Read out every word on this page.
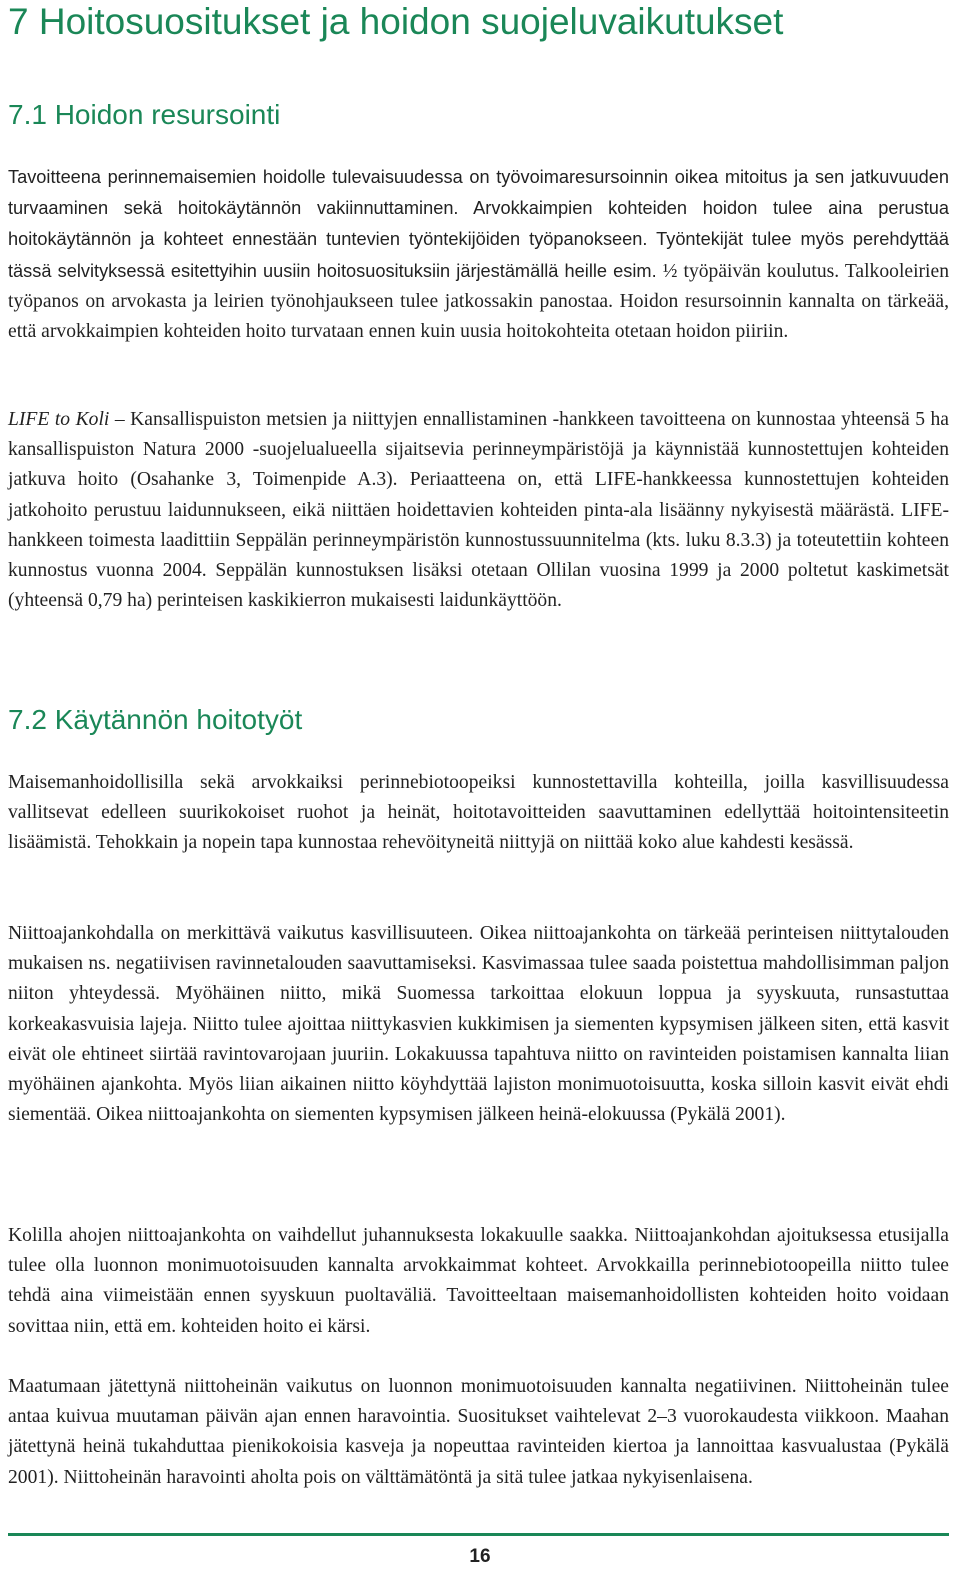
7 Hoitosuositukset ja hoidon suojeluvaikutukset
7.1 Hoidon resursointi

Tavoitteena perinnemaisemien hoidolle tulevaisuudessa on työvoimaresursoinnin oikea mitoitus ja sen jatkuvuuden turvaaminen sekä hoitokäytännön vakiinnuttaminen. Arvokkaimpien kohteiden hoidon tulee aina perustua hoitokäytännön ja kohteet ennestään tuntevien työntekijöiden työpanokseen. Työntekijät tulee myös perehdyttää tässä selvityksessä esitettyihin uusiin hoitosuosituksiin järjestämällä heille esim. ½ työpäivän koulutus. Talkooleirien työpanos on arvokasta ja leirien työnohjaukseen tulee jatkossakin panostaa. Hoidon resursoinnin kannalta on tärkeää, että arvokkaimpien kohteiden hoito turvataan ennen kuin uusia hoitokohteita otetaan hoidon piiriin.

LIFE to Koli – Kansallispuiston metsien ja niittyjen ennallistaminen -hankkeen tavoitteena on kunnostaa yhteensä 5 ha kansallispuiston Natura 2000 -suojelualueella sijaitsevia perinneympäristöjä ja käynnistää kunnostettujen kohteiden jatkuva hoito (Osahanke 3, Toimenpide A.3). Periaatteena on, että LIFE-hankkeessa kunnostettujen kohteiden jatkohoito perustuu laidunnukseen, eikä niittäen hoidettavien kohteiden pinta-ala lisäänny nykyisestä määrästä. LIFE-hankkeen toimesta laadittiin Seppälän perinneympäristön kunnostussuunnitelma (kts. luku 8.3.3) ja toteutettiin kohteen kunnostus vuonna 2004. Seppälän kunnostuksen lisäksi otetaan Ollilan vuosina 1999 ja 2000 poltetut kaskimetsät (yhteensä 0,79 ha) perinteisen kaskikierron mukaisesti laidunkäyttöön.

7.2 Käytännön hoitotyöt

Maisemanhoidollisilla sekä arvokkaiksi perinnebiotoopeiksi kunnostettavilla kohteilla, joilla kasvillisuudessa vallitsevat edelleen suurikokoiset ruohot ja heinät, hoitotavoitteiden saavuttaminen edellyttää hoitointensiteetin lisäämistä. Tehokkain ja nopein tapa kunnostaa rehevöityneitä niittyjä on niittää koko alue kahdesti kesässä.

Niittoajankohdalla on merkittävä vaikutus kasvillisuuteen. Oikea niittoajankohta on tärkeää perinteisen niittytalouden mukaisen ns. negatiivisen ravinnetalouden saavuttamiseksi. Kasvimassaa tulee saada poistettua mahdollisimman paljon niiton yhteydessä. Myöhäinen niitto, mikä Suomessa tarkoittaa elokuun loppua ja syyskuuta, runsastuttaa korkeakasvuisia lajeja. Niitto tulee ajoittaa niittykasvien kukkimisen ja siementen kypsymisen jälkeen siten, että kasvit eivät ole ehtineet siirtää ravintovarojaan juuriin. Lokakuussa tapahtuva niitto on ravinteiden poistamisen kannalta liian myöhäinen ajankohta. Myös liian aikainen niitto köyhdyttää lajiston monimuotoisuutta, koska silloin kasvit eivät ehdi siementää. Oikea niittoajankohta on siementen kypsymisen jälkeen heinä-elokuussa (Pykälä 2001).

Kolilla ahojen niittoajankohta on vaihdellut juhannuksesta lokakuulle saakka. Niittoajankohdan ajoituksessa etusijalla tulee olla luonnon monimuotoisuuden kannalta arvokkaimmat kohteet. Arvokkailla perinnebiotoopeilla niitto tulee tehdä aina viimeistään ennen syyskuun puoltaväliä. Tavoitteeltaan maisemanhoidollisten kohteiden hoito voidaan sovittaa niin, että em. kohteiden hoito ei kärsi.

Maatumaan jätettynä niittoheinän vaikutus on luonnon monimuotoisuuden kannalta negatiivinen. Niittoheinän tulee antaa kuivua muutaman päivän ajan ennen haravointia. Suositukset vaihtelevat 2–3 vuorokaudesta viikkoon. Maahan jätettynä heinä tukahduttaa pienikokoisia kasveja ja nopeuttaa ravinteiden kiertoa ja lannoittaa kasvualustaa (Pykälä 2001). Niittoheinän haravointi aholta pois on välttämätöntä ja sitä tulee jatkaa nykyisenlaisena.

16
